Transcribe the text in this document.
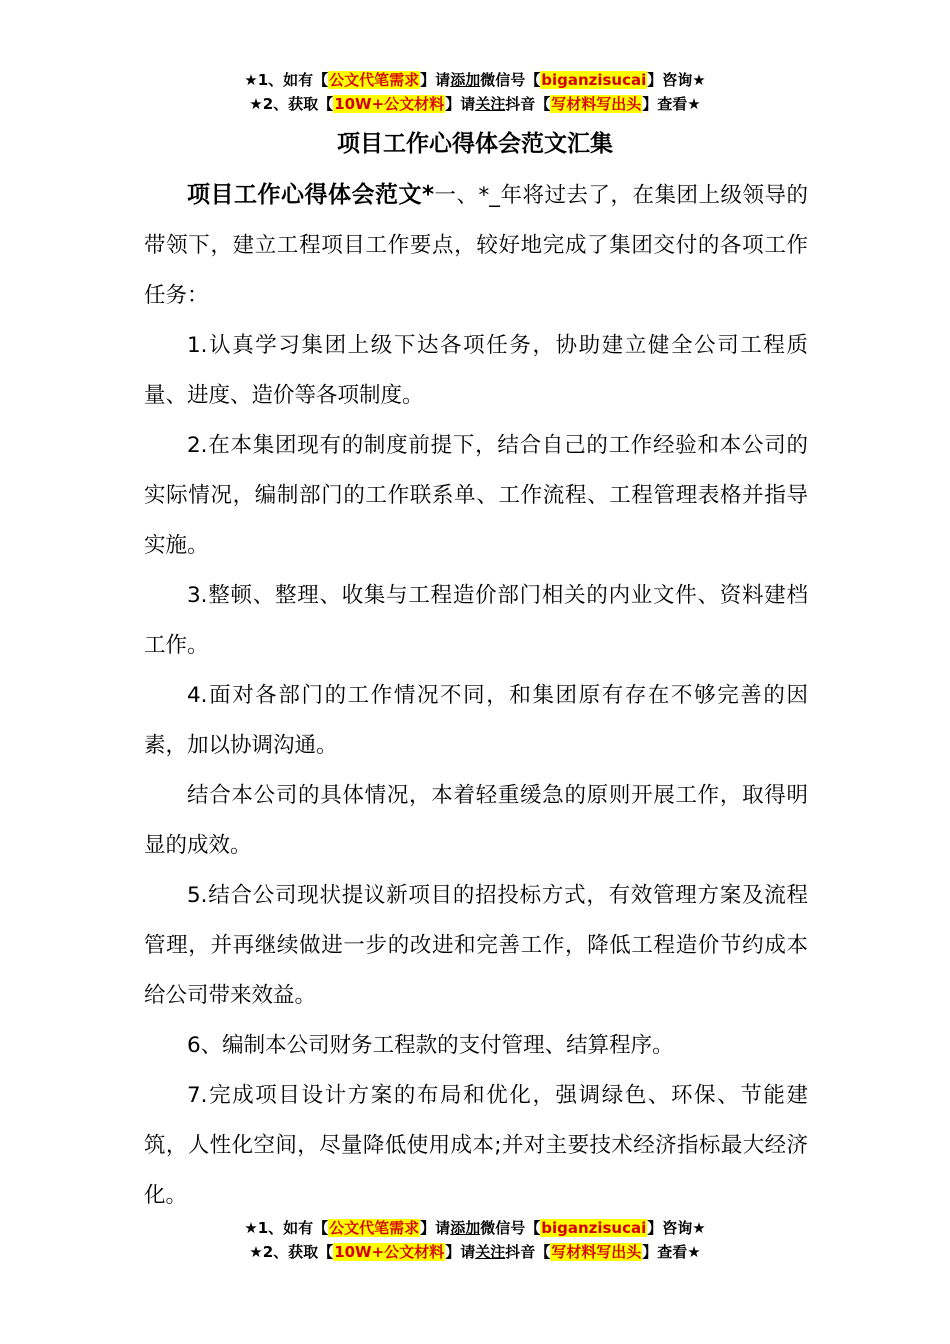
★1、如有【公文代笔需求】请添加微信号【biganzisucai】咨询★
★2、获取【10W+公文材料】请关注抖音【写材料写出头】查看★
项目工作心得体会范文汇集

项目工作心得体会范文*一、*_年将过去了，在集团上级领导的带领下，建立工程项目工作要点，较好地完成了集团交付的各项工作任务：

1.认真学习集团上级下达各项任务，协助建立健全公司工程质量、进度、造价等各项制度。

2.在本集团现有的制度前提下，结合自己的工作经验和本公司的实际情况，编制部门的工作联系单、工作流程、工程管理表格并指导实施。

3.整顿、整理、收集与工程造价部门相关的内业文件、资料建档工作。

4.面对各部门的工作情况不同，和集团原有存在不够完善的因素，加以协调沟通。

结合本公司的具体情况，本着轻重缓急的原则开展工作，取得明显的成效。

5.结合公司现状提议新项目的招投标方式，有效管理方案及流程管理，并再继续做进一步的改进和完善工作，降低工程造价节约成本给公司带来效益。

6、编制本公司财务工程款的支付管理、结算程序。

7.完成项目设计方案的布局和优化，强调绿色、环保、节能建筑，人性化空间，尽量降低使用成本;并对主要技术经济指标最大经济化。

★1、如有【公文代笔需求】请添加微信号【biganzisucai】咨询★
★2、获取【10W+公文材料】请关注抖音【写材料写出头】查看★
